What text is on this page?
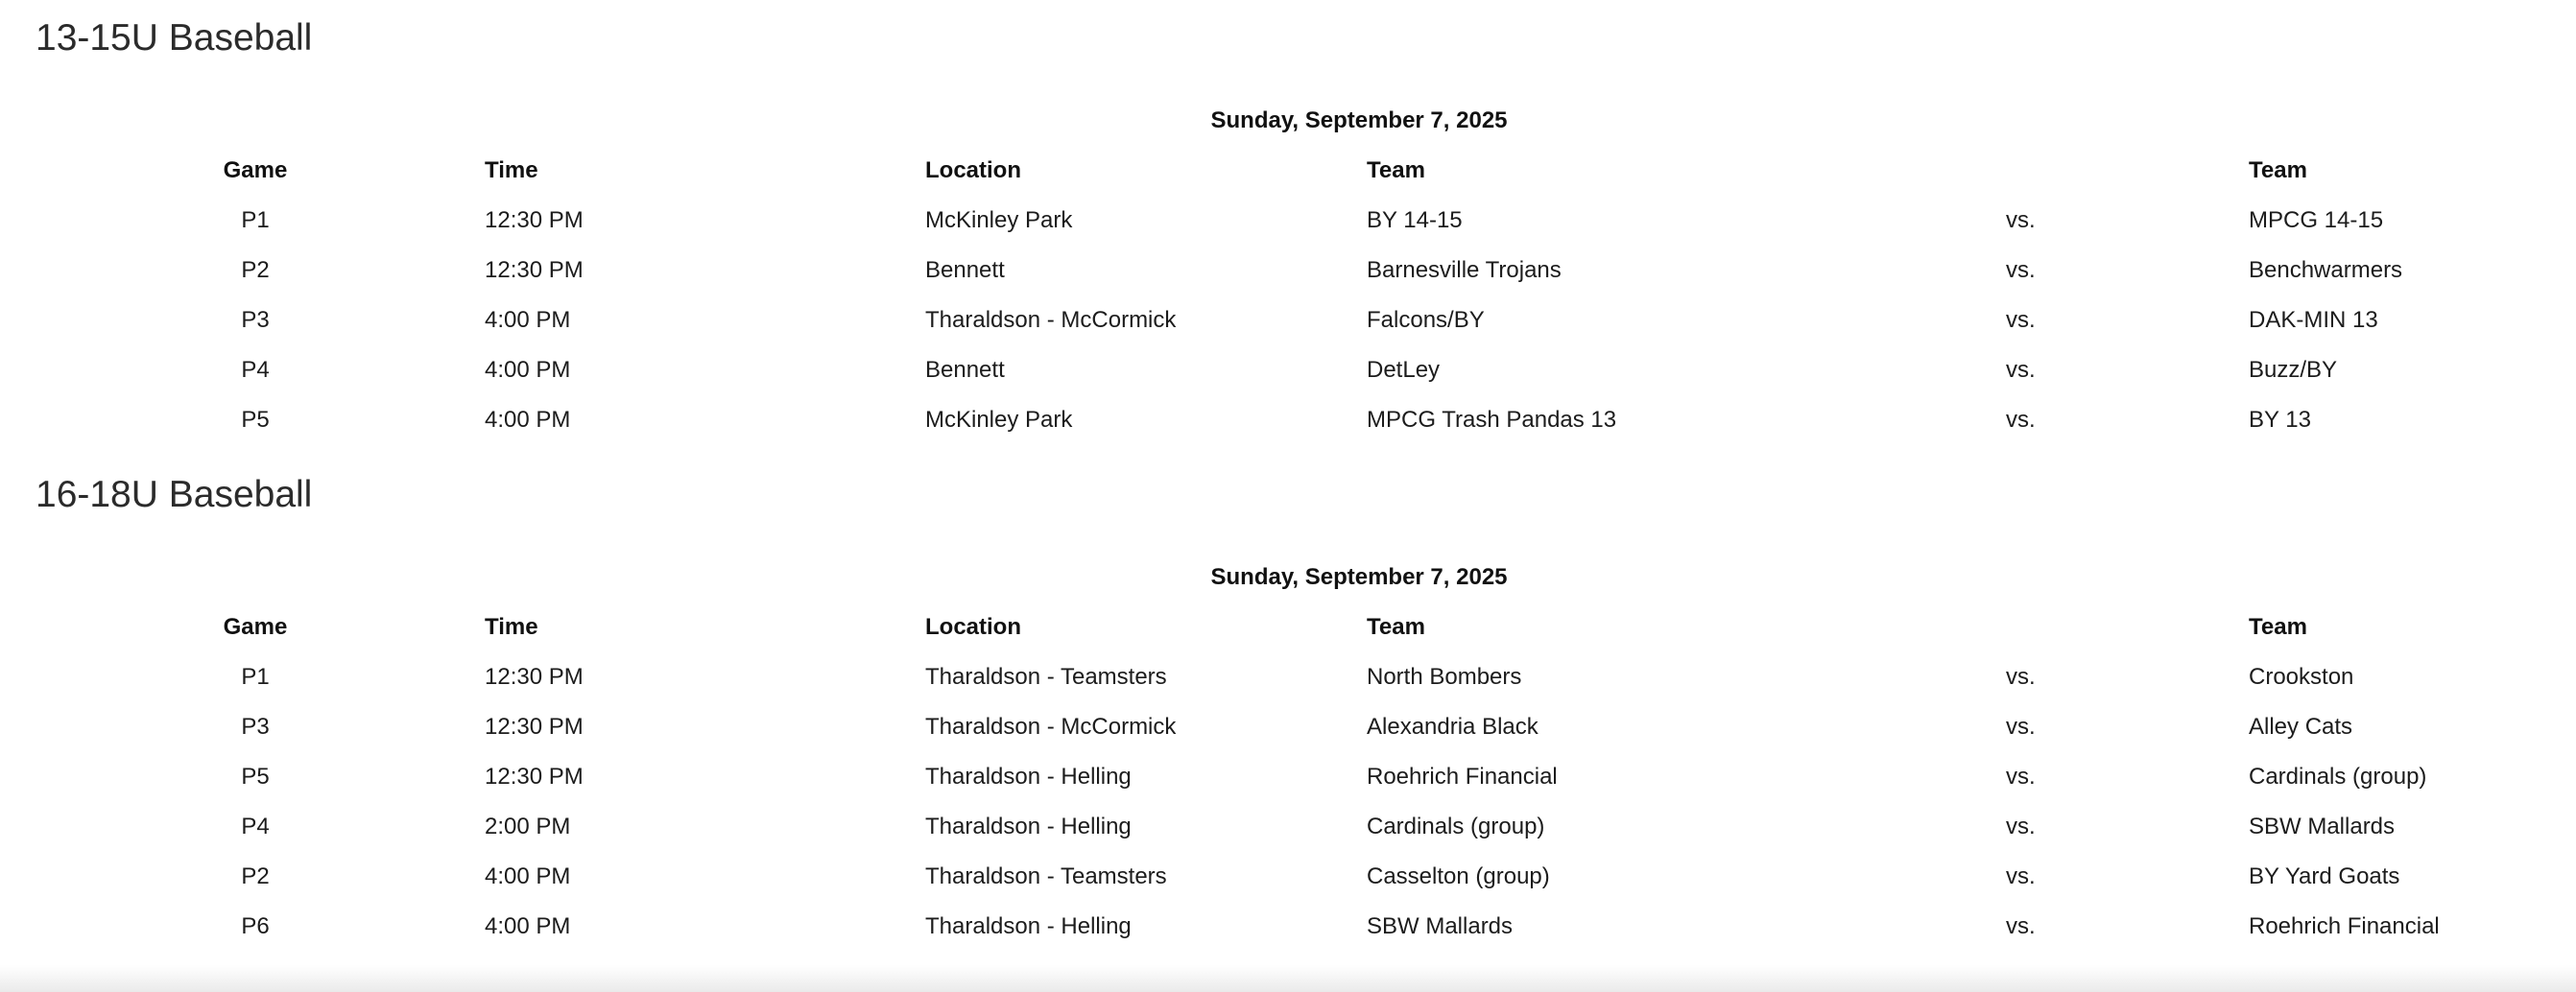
13-15U Baseball
Sunday, September 7, 2025
Game	Time	Location	Team	Team
P1	12:30 PM	McKinley Park	BY 14-15	vs.	MPCG 14-15
P2	12:30 PM	Bennett	Barnesville Trojans	vs.	Benchwarmers
P3	4:00 PM	Tharaldson - McCormick	Falcons/BY	vs.	DAK-MIN 13
P4	4:00 PM	Bennett	DetLey	vs.	Buzz/BY
P5	4:00 PM	McKinley Park	MPCG Trash Pandas 13	vs.	BY 13
16-18U Baseball
Sunday, September 7, 2025
Game	Time	Location	Team	Team
P1	12:30 PM	Tharaldson - Teamsters	North Bombers	vs.	Crookston
P3	12:30 PM	Tharaldson - McCormick	Alexandria Black	vs.	Alley Cats
P5	12:30 PM	Tharaldson - Helling	Roehrich Financial	vs.	Cardinals (group)
P4	2:00 PM	Tharaldson - Helling	Cardinals (group)	vs.	SBW Mallards
P2	4:00 PM	Tharaldson - Teamsters	Casselton (group)	vs.	BY Yard Goats
P6	4:00 PM	Tharaldson - Helling	SBW Mallards	vs.	Roehrich Financial
